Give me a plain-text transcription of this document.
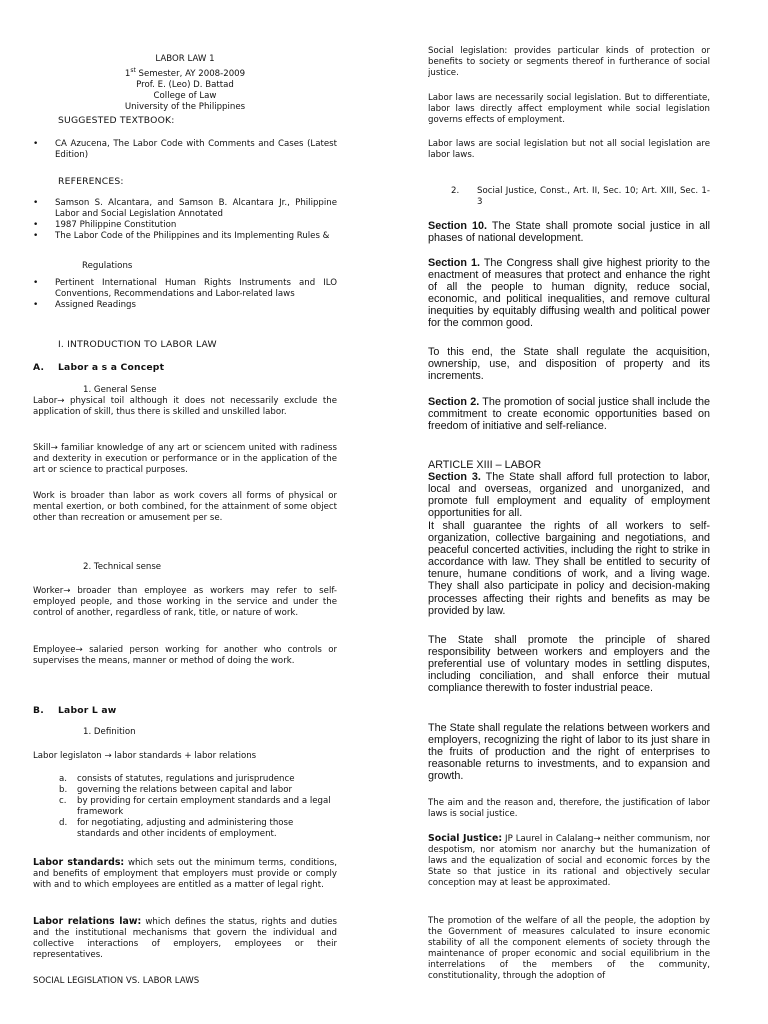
LABOR LAW 1

1st Semester, AY 2008-2009

Prof. E. (Leo) D. Battad

College of Law

University of the Philippines

SUGGESTED TEXTBOOK:

• CA Azucena, The Labor Code with Comments and Cases (Latest Edition)

REFERENCES:

• Samson S. Alcantara, and Samson B. Alcantara Jr., Philippine Labor and Social Legislation Annotated
• 1987 Philippine Constitution
• The Labor Code of the Philippines and its Implementing Rules &

Regulations

• Pertinent International Human Rights Instruments and ILO Conventions, Recommendations and Labor-related laws
• Assigned Readings

I. INTRODUCTION TO LABOR LAW

A. Labor a s a Concept

1. General Sense

Labor→ physical toil although it does not necessarily exclude the application of skill, thus there is skilled and unskilled labor.

Skill→ familiar knowledge of any art or sciencem united with radiness and dexterity in execution or performance or in the application of the art or science to practical purposes.

Work is broader than labor as work covers all forms of physical or mental exertion, or both combined, for the attainment of some object other than recreation or amusement per se.

2. Technical sense

Worker→ broader than employee as workers may refer to self-employed people, and those working in the service and under the control of another, regardless of rank, title, or nature of work.

Employee→ salaried person working for another who controls or supervises the means, manner or method of doing the work.

B. Labor L aw

1. Definition

Labor legislaton → labor standards + labor relations

a. consists of statutes, regulations and jurisprudence
b. governing the relations between capital and labor
c. by providing for certain employment standards and a legal framework
d. for negotiating, adjusting and administering those standards and other incidents of employment.

Labor standards: which sets out the minimum terms, conditions, and benefits of employment that employers must provide or comply with and to which employees are entitled as a matter of legal right.

Labor relations law: which defines the status, rights and duties and the institutional mechanisms that govern the individual and collective interactions of employers, employees or their representatives.

SOCIAL LEGISLATION VS. LABOR LAWS

Social legislation: provides particular kinds of protection or benefits to society or segments thereof in furtherance of social justice.

Labor laws are necessarily social legislation. But to differentiate, labor laws directly affect employment while social legislation governs effects of employment.

Labor laws are social legislation but not all social legislation are labor laws.

2. Social Justice, Const., Art. II, Sec. 10; Art. XIII, Sec. 1-3

Section 10. The State shall promote social justice in all phases of national development.

Section 1. The Congress shall give highest priority to the enactment of measures that protect and enhance the right of all the people to human dignity, reduce social, economic, and political inequalities, and remove cultural inequities by equitably diffusing wealth and political power for the common good.

To this end, the State shall regulate the acquisition, ownership, use, and disposition of property and its increments.

Section 2. The promotion of social justice shall include the commitment to create economic opportunities based on freedom of initiative and self-reliance.

ARTICLE XIII – LABOR

Section 3. The State shall afford full protection to labor, local and overseas, organized and unorganized, and promote full employment and equality of employment opportunities for all.

It shall guarantee the rights of all workers to self-organization, collective bargaining and negotiations, and peaceful concerted activities, including the right to strike in accordance with law. They shall be entitled to security of tenure, humane conditions of work, and a living wage. They shall also participate in policy and decision-making processes affecting their rights and benefits as may be provided by law.

The State shall promote the principle of shared responsibility between workers and employers and the preferential use of voluntary modes in settling disputes, including conciliation, and shall enforce their mutual compliance therewith to foster industrial peace.

The State shall regulate the relations between workers and employers, recognizing the right of labor to its just share in the fruits of production and the right of enterprises to reasonable returns to investments, and to expansion and growth.

The aim and the reason and, therefore, the justification of labor laws is social justice.

Social Justice: JP Laurel in Calalang→ neither communism, nor despotism, nor atomism nor anarchy but the humanization of laws and the equalization of social and economic forces by the State so that justice in its rational and objectively secular conception may at least be approximated.

The promotion of the welfare of all the people, the adoption by the Government of measures calculated to insure economic stability of all the component elements of society through the maintenance of proper economic and social equilibrium in the interrelations of the members of the community, constitutionality, through the adoption of
